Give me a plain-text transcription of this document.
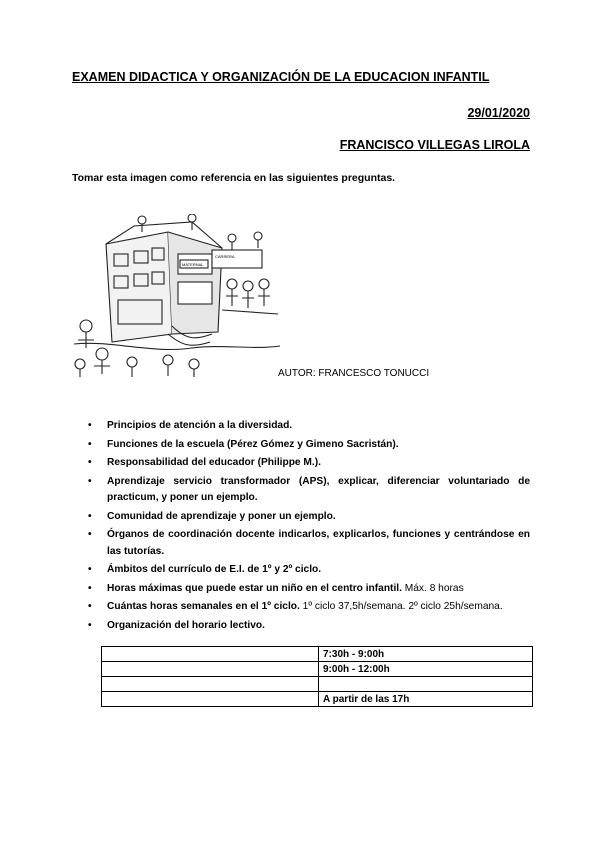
EXAMEN DIDACTICA Y ORGANIZACIÓN DE LA EDUCACION INFANTIL
29/01/2020
FRANCISCO VILLEGAS LIROLA
Tomar esta imagen como referencia en las siguientes preguntas.
MATERNAL
CARRERA
AUTOR: FRANCESCO TONUCCI
• Principios de atención a la diversidad.
• Funciones de la escuela (Pérez Gómez y Gimeno Sacristán).
• Responsabilidad del educador (Philippe M.).
• Aprendizaje servicio transformador (APS), explicar, diferenciar voluntariado de practicum, y poner un ejemplo.
• Comunidad de aprendizaje y poner un ejemplo.
• Órganos de coordinación docente indicarlos, explicarlos, funciones y centrándose en las tutorías.
• Ámbitos del currículo de E.I. de 1º y 2º ciclo.
• Horas máximas que puede estar un niño en el centro infantil. Máx. 8 horas
• Cuántas horas semanales en el 1º ciclo. 1º ciclo 37,5h/semana. 2º ciclo 25h/semana.
• Organización del horario lectivo.
	7:30h - 9:00h
	9:00h - 12:00h

	A partir de las 17h
